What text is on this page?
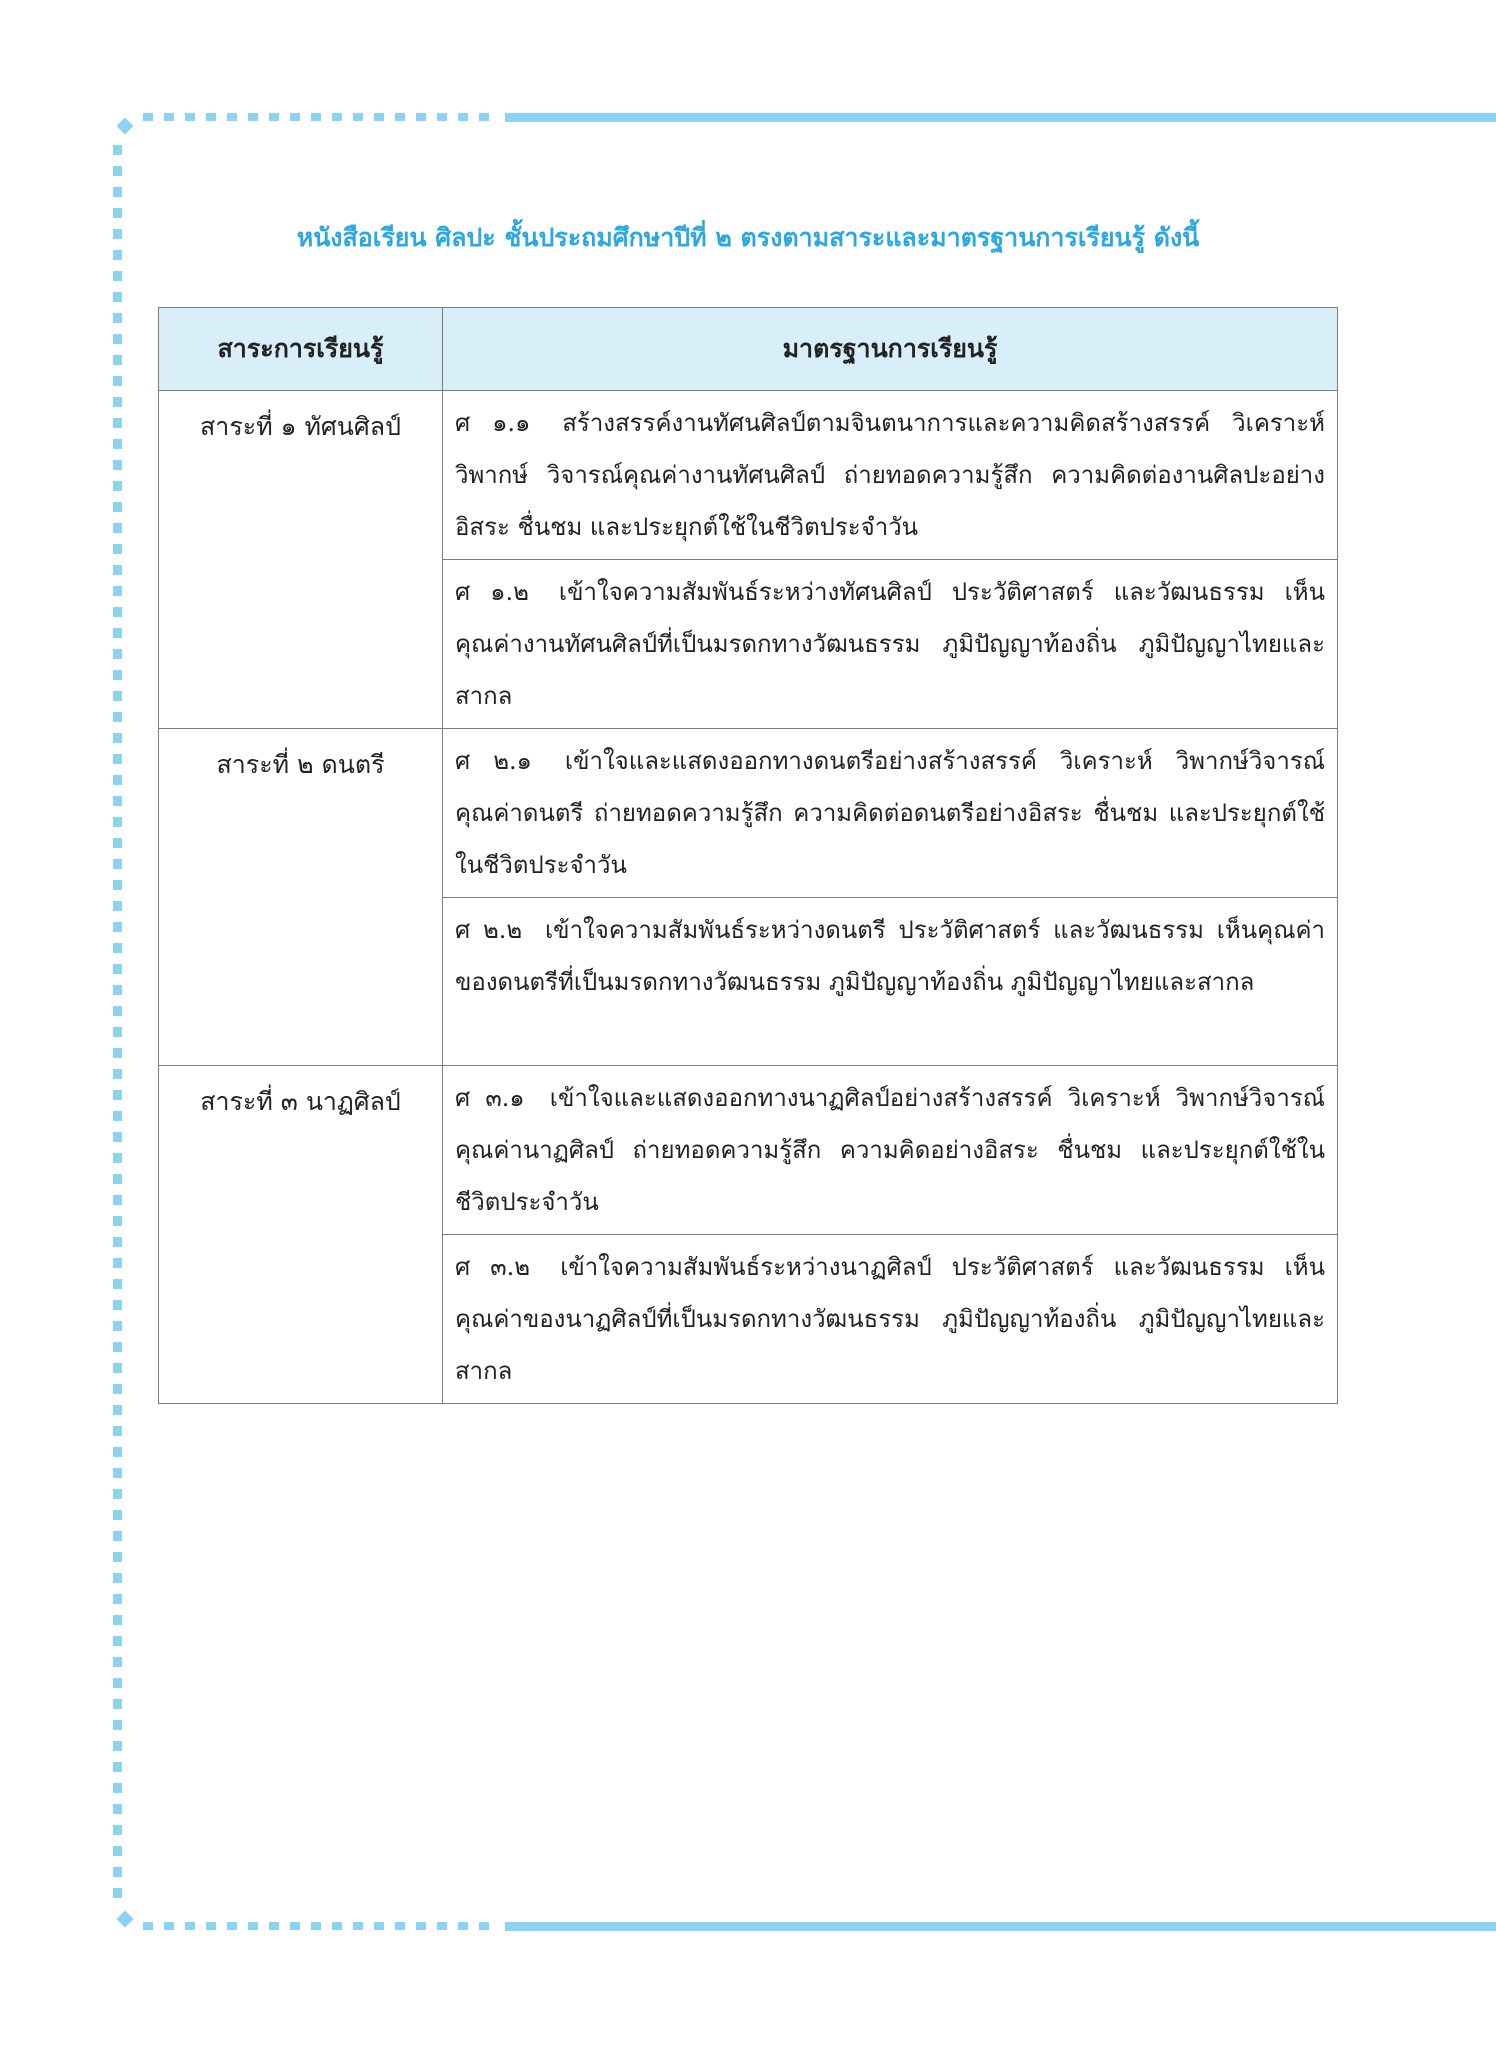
หนังสือเรียน ศิลปะ ชั้นประถมศึกษาปีที่ ๒ ตรงตามสาระและมาตรฐานการเรียนรู้ ดังนี้
สาระการเรียนรู้	มาตรฐานการเรียนรู้
สาระที่ ๑ ทัศนศิลป์	ศ ๑.๑ สร้างสรรค์งานทัศนศิลป์ตามจินตนาการและความคิดสร้างสรรค์ วิเคราะห์ วิพากษ์ วิจารณ์คุณค่างานทัศนศิลป์ ถ่ายทอดความรู้สึก ความคิดต่องานศิลปะอย่างอิสระ ชื่นชม และประยุกต์ใช้ในชีวิตประจำวัน
	ศ ๑.๒ เข้าใจความสัมพันธ์ระหว่างทัศนศิลป์ ประวัติศาสตร์ และวัฒนธรรม เห็นคุณค่างานทัศนศิลป์ที่เป็นมรดกทางวัฒนธรรม ภูมิปัญญาท้องถิ่น ภูมิปัญญาไทยและสากล
สาระที่ ๒ ดนตรี	ศ ๒.๑ เข้าใจและแสดงออกทางดนตรีอย่างสร้างสรรค์ วิเคราะห์ วิพากษ์วิจารณ์คุณค่าดนตรี ถ่ายทอดความรู้สึก ความคิดต่อดนตรีอย่างอิสระ ชื่นชม และประยุกต์ใช้ในชีวิตประจำวัน
	ศ ๒.๒ เข้าใจความสัมพันธ์ระหว่างดนตรี ประวัติศาสตร์ และวัฒนธรรม เห็นคุณค่าของดนตรีที่เป็นมรดกทางวัฒนธรรม ภูมิปัญญาท้องถิ่น ภูมิปัญญาไทยและสากล
สาระที่ ๓ นาฏศิลป์	ศ ๓.๑ เข้าใจและแสดงออกทางนาฏศิลป์อย่างสร้างสรรค์ วิเคราะห์ วิพากษ์วิจารณ์คุณค่านาฏศิลป์ ถ่ายทอดความรู้สึก ความคิดอย่างอิสระ ชื่นชม และประยุกต์ใช้ในชีวิตประจำวัน
	ศ ๓.๒ เข้าใจความสัมพันธ์ระหว่างนาฏศิลป์ ประวัติศาสตร์ และวัฒนธรรม เห็นคุณค่าของนาฏศิลป์ที่เป็นมรดกทางวัฒนธรรม ภูมิปัญญาท้องถิ่น ภูมิปัญญาไทยและสากล
